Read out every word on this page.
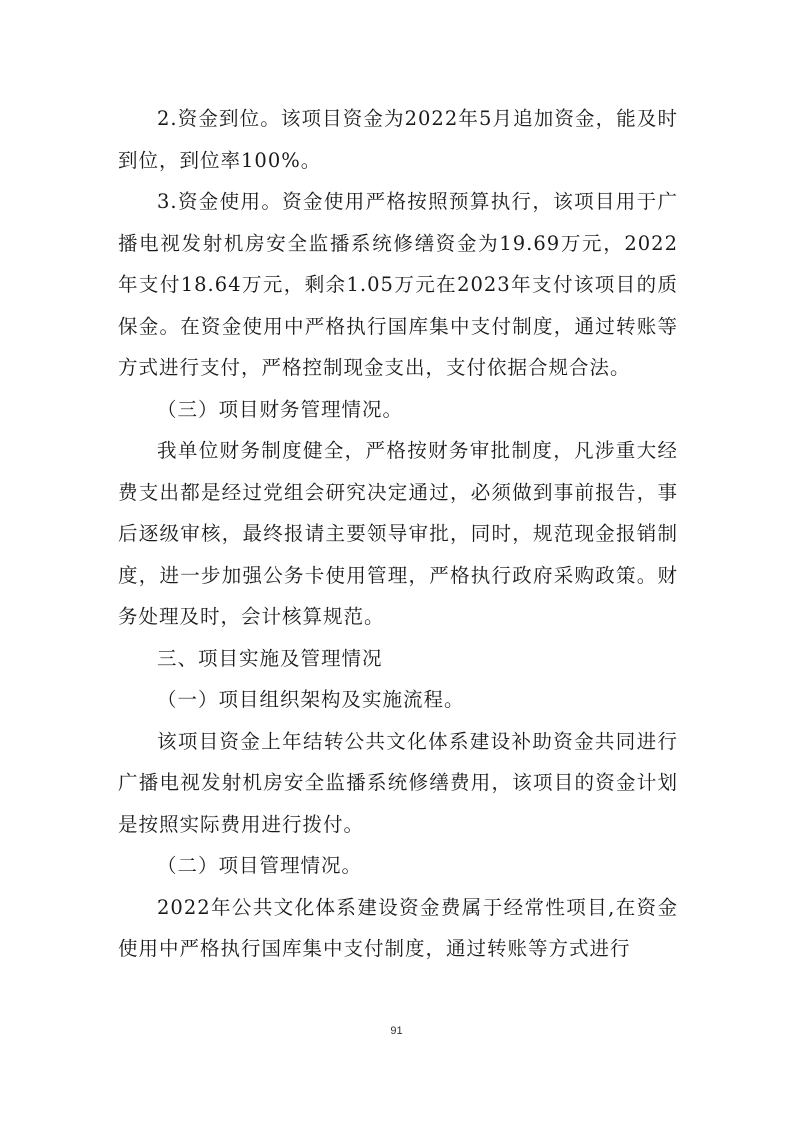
2.资金到位。该项目资金为2022年5月追加资金，能及时到位，到位率100%。

3.资金使用。资金使用严格按照预算执行，该项目用于广播电视发射机房安全监播系统修缮资金为19.69万元，2022年支付18.64万元，剩余1.05万元在2023年支付该项目的质保金。在资金使用中严格执行国库集中支付制度，通过转账等方式进行支付，严格控制现金支出，支付依据合规合法。

（三）项目财务管理情况。

我单位财务制度健全，严格按财务审批制度，凡涉重大经费支出都是经过党组会研究决定通过，必须做到事前报告，事后逐级审核，最终报请主要领导审批，同时，规范现金报销制度，进一步加强公务卡使用管理，严格执行政府采购政策。财务处理及时，会计核算规范。

三、项目实施及管理情况

（一）项目组织架构及实施流程。

该项目资金上年结转公共文化体系建设补助资金共同进行广播电视发射机房安全监播系统修缮费用，该项目的资金计划是按照实际费用进行拨付。

（二）项目管理情况。

2022年公共文化体系建设资金费属于经常性项目,在资金使用中严格执行国库集中支付制度，通过转账等方式进行

91
